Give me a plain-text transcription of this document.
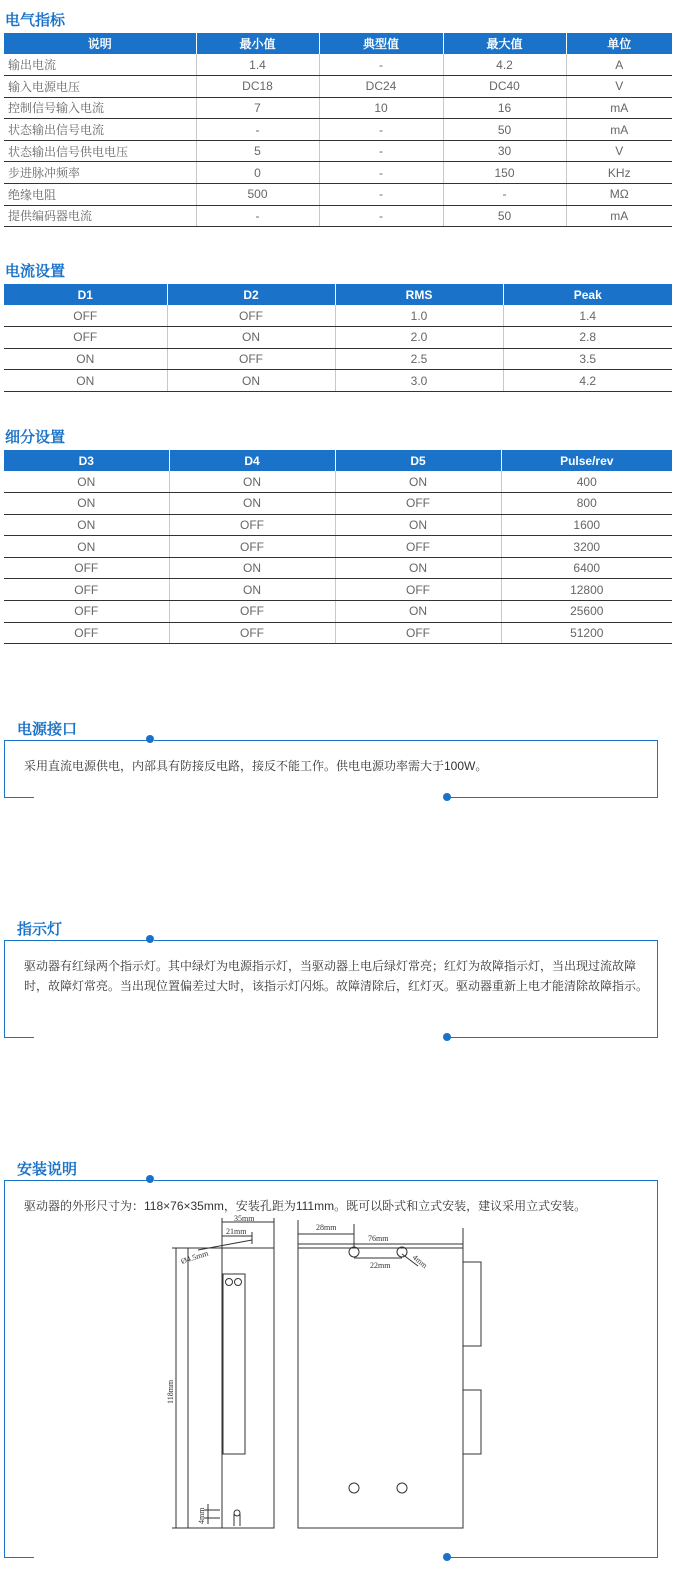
电气指标
说明	最小值	典型值	最大值	单位
输出电流	1.4	-	4.2	A
输入电源电压	DC18	DC24	DC40	V
控制信号输入电流	7	10	16	mA
状态输出信号电流	-	-	50	mA
状态输出信号供电电压	5	-	30	V
步进脉冲频率	0	-	150	KHz
绝缘电阻	500	-	-	MΩ
提供编码器电流	-	-	50	mA
电流设置
D1	D2	RMS	Peak
OFF	OFF	1.0	1.4
OFF	ON	2.0	2.8
ON	OFF	2.5	3.5
ON	ON	3.0	4.2
细分设置
D3	D4	D5	Pulse/rev
ON	ON	ON	400
ON	ON	OFF	800
ON	OFF	ON	1600
ON	OFF	OFF	3200
OFF	ON	ON	6400
OFF	ON	OFF	12800
OFF	OFF	ON	25600
OFF	OFF	OFF	51200
电源接口
采用直流电源供电，内部具有防接反电路，接反不能工作。供电电源功率需大于100W。
指示灯
驱动器有红绿两个指示灯。其中绿灯为电源指示灯，当驱动器上电后绿灯常亮；红灯为故障指示灯，当出现过流故障时，故障灯常亮。当出现位置偏差过大时，该指示灯闪烁。故障清除后，红灯灭。驱动器重新上电才能清除故障指示。
安装说明
驱动器的外形尺寸为：118×76×35mm，安装孔距为111mm。既可以卧式和立式安装，建议采用立式安装。
35mm
21mm
Ø4.5mm
118mm
4mm
28mm
76mm
22mm	4mm
